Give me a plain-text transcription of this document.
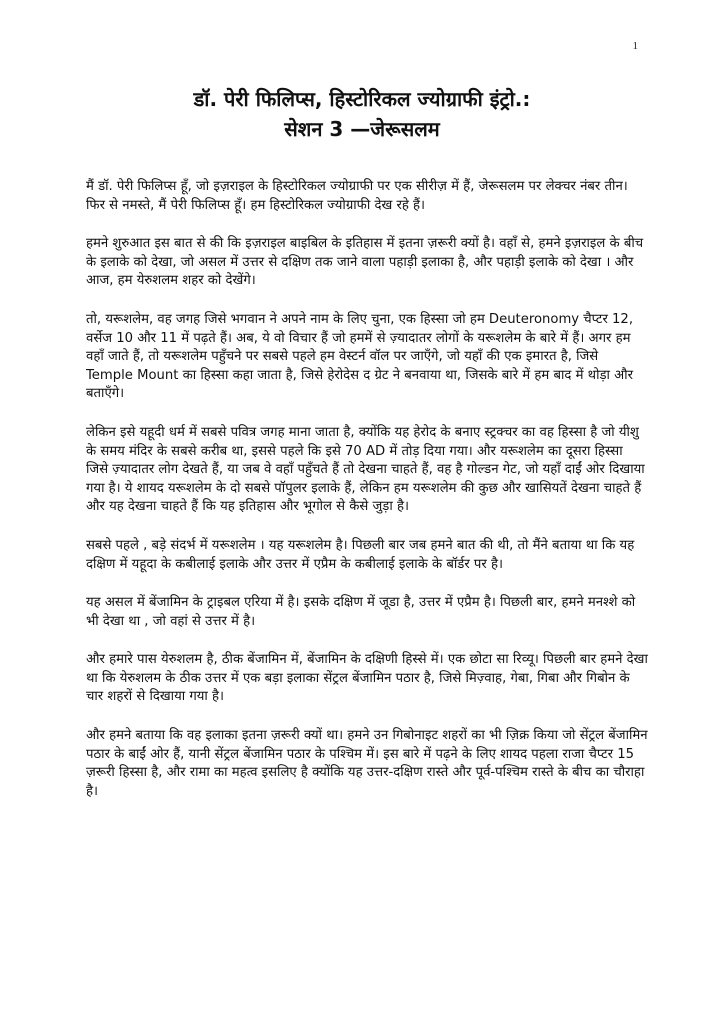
1
डॉ. पेरी फिलिप्स, हिस्टोरिकल ज्योग्राफी इंट्रो.:
सेशन 3 —जेरूसलम

मैं डॉ. पेरी फिलिप्स हूँ, जो इज़राइल के हिस्टोरिकल ज्योग्राफी पर एक सीरीज़ में हैं, जेरूसलम पर लेक्चर नंबर तीन। फिर से नमस्ते, मैं पेरी फिलिप्स हूँ। हम हिस्टोरिकल ज्योग्राफी देख रहे हैं।

हमने शुरुआत इस बात से की कि इज़राइल बाइबिल के इतिहास में इतना ज़रूरी क्यों है। वहाँ से, हमने इज़राइल के बीच के इलाके को देखा, जो असल में उत्तर से दक्षिण तक जाने वाला पहाड़ी इलाका है, और पहाड़ी इलाके को देखा । और आज, हम येरुशलम शहर को देखेंगे।

तो, यरूशलेम, वह जगह जिसे भगवान ने अपने नाम के लिए चुना, एक हिस्सा जो हम Deuteronomy चैप्टर 12, वर्सेज 10 और 11 में पढ़ते हैं। अब, ये वो विचार हैं जो हममें से ज़्यादातर लोगों के यरूशलेम के बारे में हैं। अगर हम वहाँ जाते हैं, तो यरूशलेम पहुँचने पर सबसे पहले हम वेस्टर्न वॉल पर जाएँगे, जो यहाँ की एक इमारत है, जिसे Temple Mount का हिस्सा कहा जाता है, जिसे हेरोदेस द ग्रेट ने बनवाया था, जिसके बारे में हम बाद में थोड़ा और बताएँगे।

लेकिन इसे यहूदी धर्म में सबसे पवित्र जगह माना जाता है, क्योंकि यह हेरोद के बनाए स्ट्रक्चर का वह हिस्सा है जो यीशु के समय मंदिर के सबसे करीब था, इससे पहले कि इसे 70 AD में तोड़ दिया गया। और यरूशलेम का दूसरा हिस्सा जिसे ज़्यादातर लोग देखते हैं, या जब वे वहाँ पहुँचते हैं तो देखना चाहते हैं, वह है गोल्डन गेट, जो यहाँ दाईं ओर दिखाया गया है। ये शायद यरूशलेम के दो सबसे पॉपुलर इलाके हैं, लेकिन हम यरूशलेम की कुछ और खासियतें देखना चाहते हैं और यह देखना चाहते हैं कि यह इतिहास और भूगोल से कैसे जुड़ा है।

सबसे पहले , बड़े संदर्भ में यरूशलेम । यह यरूशलेम है। पिछली बार जब हमने बात की थी, तो मैंने बताया था कि यह दक्षिण में यहूदा के कबीलाई इलाके और उत्तर में एप्रैम के कबीलाई इलाके के बॉर्डर पर है।

यह असल में बेंजामिन के ट्राइबल एरिया में है। इसके दक्षिण में जूडा है, उत्तर में एप्रैम है। पिछली बार, हमने मनश्शे को भी देखा था , जो वहां से उत्तर में है।

और हमारे पास येरुशलम है, ठीक बेंजामिन में, बेंजामिन के दक्षिणी हिस्से में। एक छोटा सा रिव्यू। पिछली बार हमने देखा था कि येरुशलम के ठीक उत्तर में एक बड़ा इलाका सेंट्रल बेंजामिन पठार है, जिसे मिज़्वाह, गेबा, गिबा और गिबोन के चार शहरों से दिखाया गया है।

और हमने बताया कि वह इलाका इतना ज़रूरी क्यों था। हमने उन गिबोनाइट शहरों का भी ज़िक्र किया जो सेंट्रल बेंजामिन पठार के बाईं ओर हैं, यानी सेंट्रल बेंजामिन पठार के पश्चिम में। इस बारे में पढ़ने के लिए शायद पहला राजा चैप्टर 15 ज़रूरी हिस्सा है, और रामा का महत्व इसलिए है क्योंकि यह उत्तर-दक्षिण रास्ते और पूर्व-पश्चिम रास्ते के बीच का चौराहा है।
